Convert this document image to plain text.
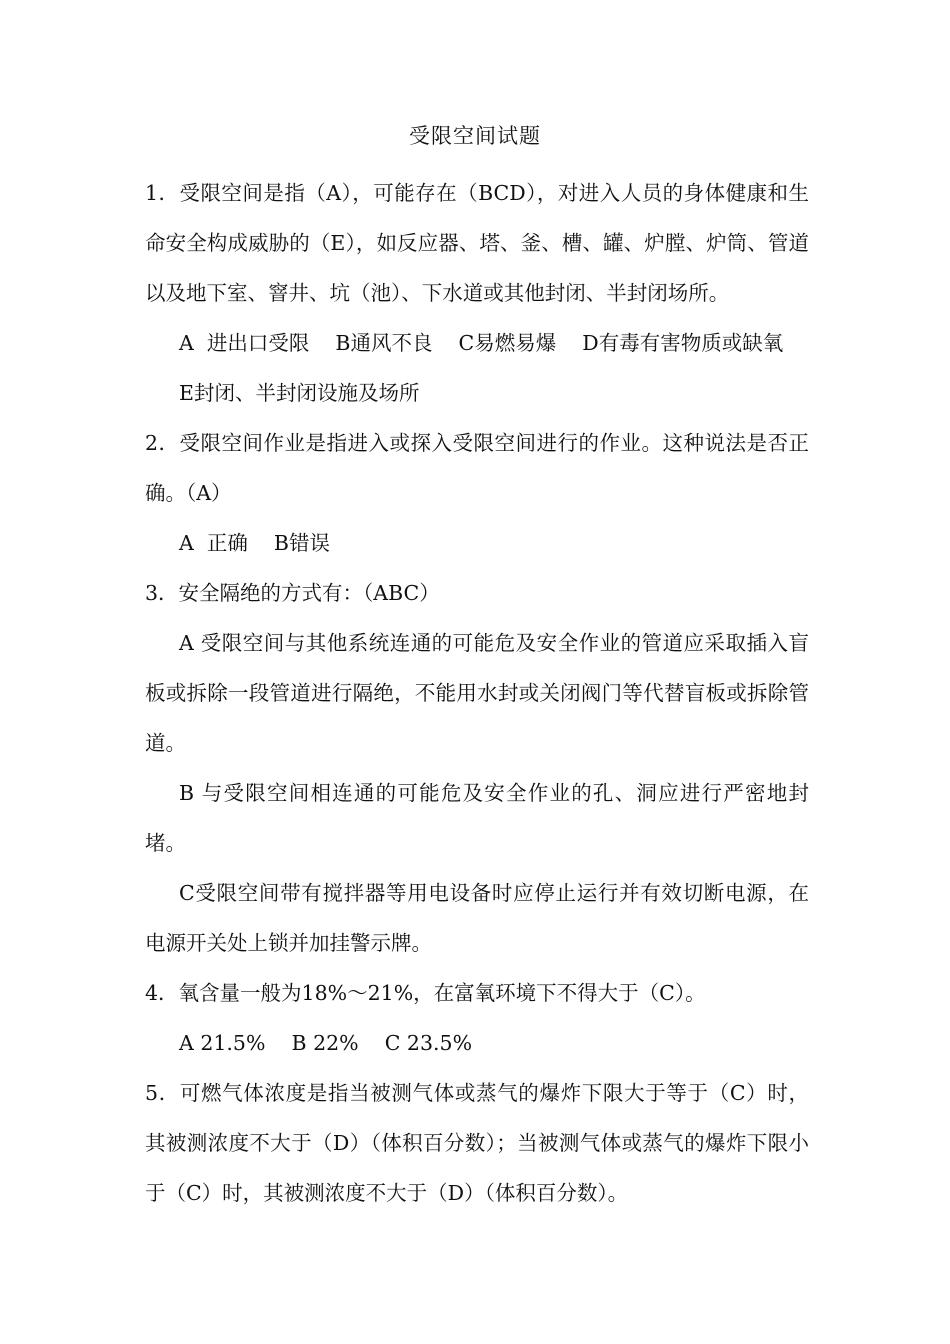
受限空间试题

1．受限空间是指（A），可能存在（BCD），对进入人员的身体健康和生命安全构成威胁的（E），如反应器、塔、釜、槽、罐、炉膛、炉筒、管道以及地下室、窨井、坑（池）、下水道或其他封闭、半封闭场所。

A  进出口受限    B通风不良    C易燃易爆    D有毒有害物质或缺氧

E封闭、半封闭设施及场所

2．受限空间作业是指进入或探入受限空间进行的作业。这种说法是否正确。（A）

A  正确    B错误

3．安全隔绝的方式有：（ABC）

A 受限空间与其他系统连通的可能危及安全作业的管道应采取插入盲板或拆除一段管道进行隔绝，不能用水封或关闭阀门等代替盲板或拆除管道。

B 与受限空间相连通的可能危及安全作业的孔、洞应进行严密地封堵。

C受限空间带有搅拌器等用电设备时应停止运行并有效切断电源，在电源开关处上锁并加挂警示牌。

4．氧含量一般为18%～21%，在富氧环境下不得大于（C）。

A 21.5%    B 22%    C 23.5%

5．可燃气体浓度是指当被测气体或蒸气的爆炸下限大于等于（C）时，其被测浓度不大于（D）（体积百分数）；当被测气体或蒸气的爆炸下限小于（C）时，其被测浓度不大于（D）（体积百分数）。
